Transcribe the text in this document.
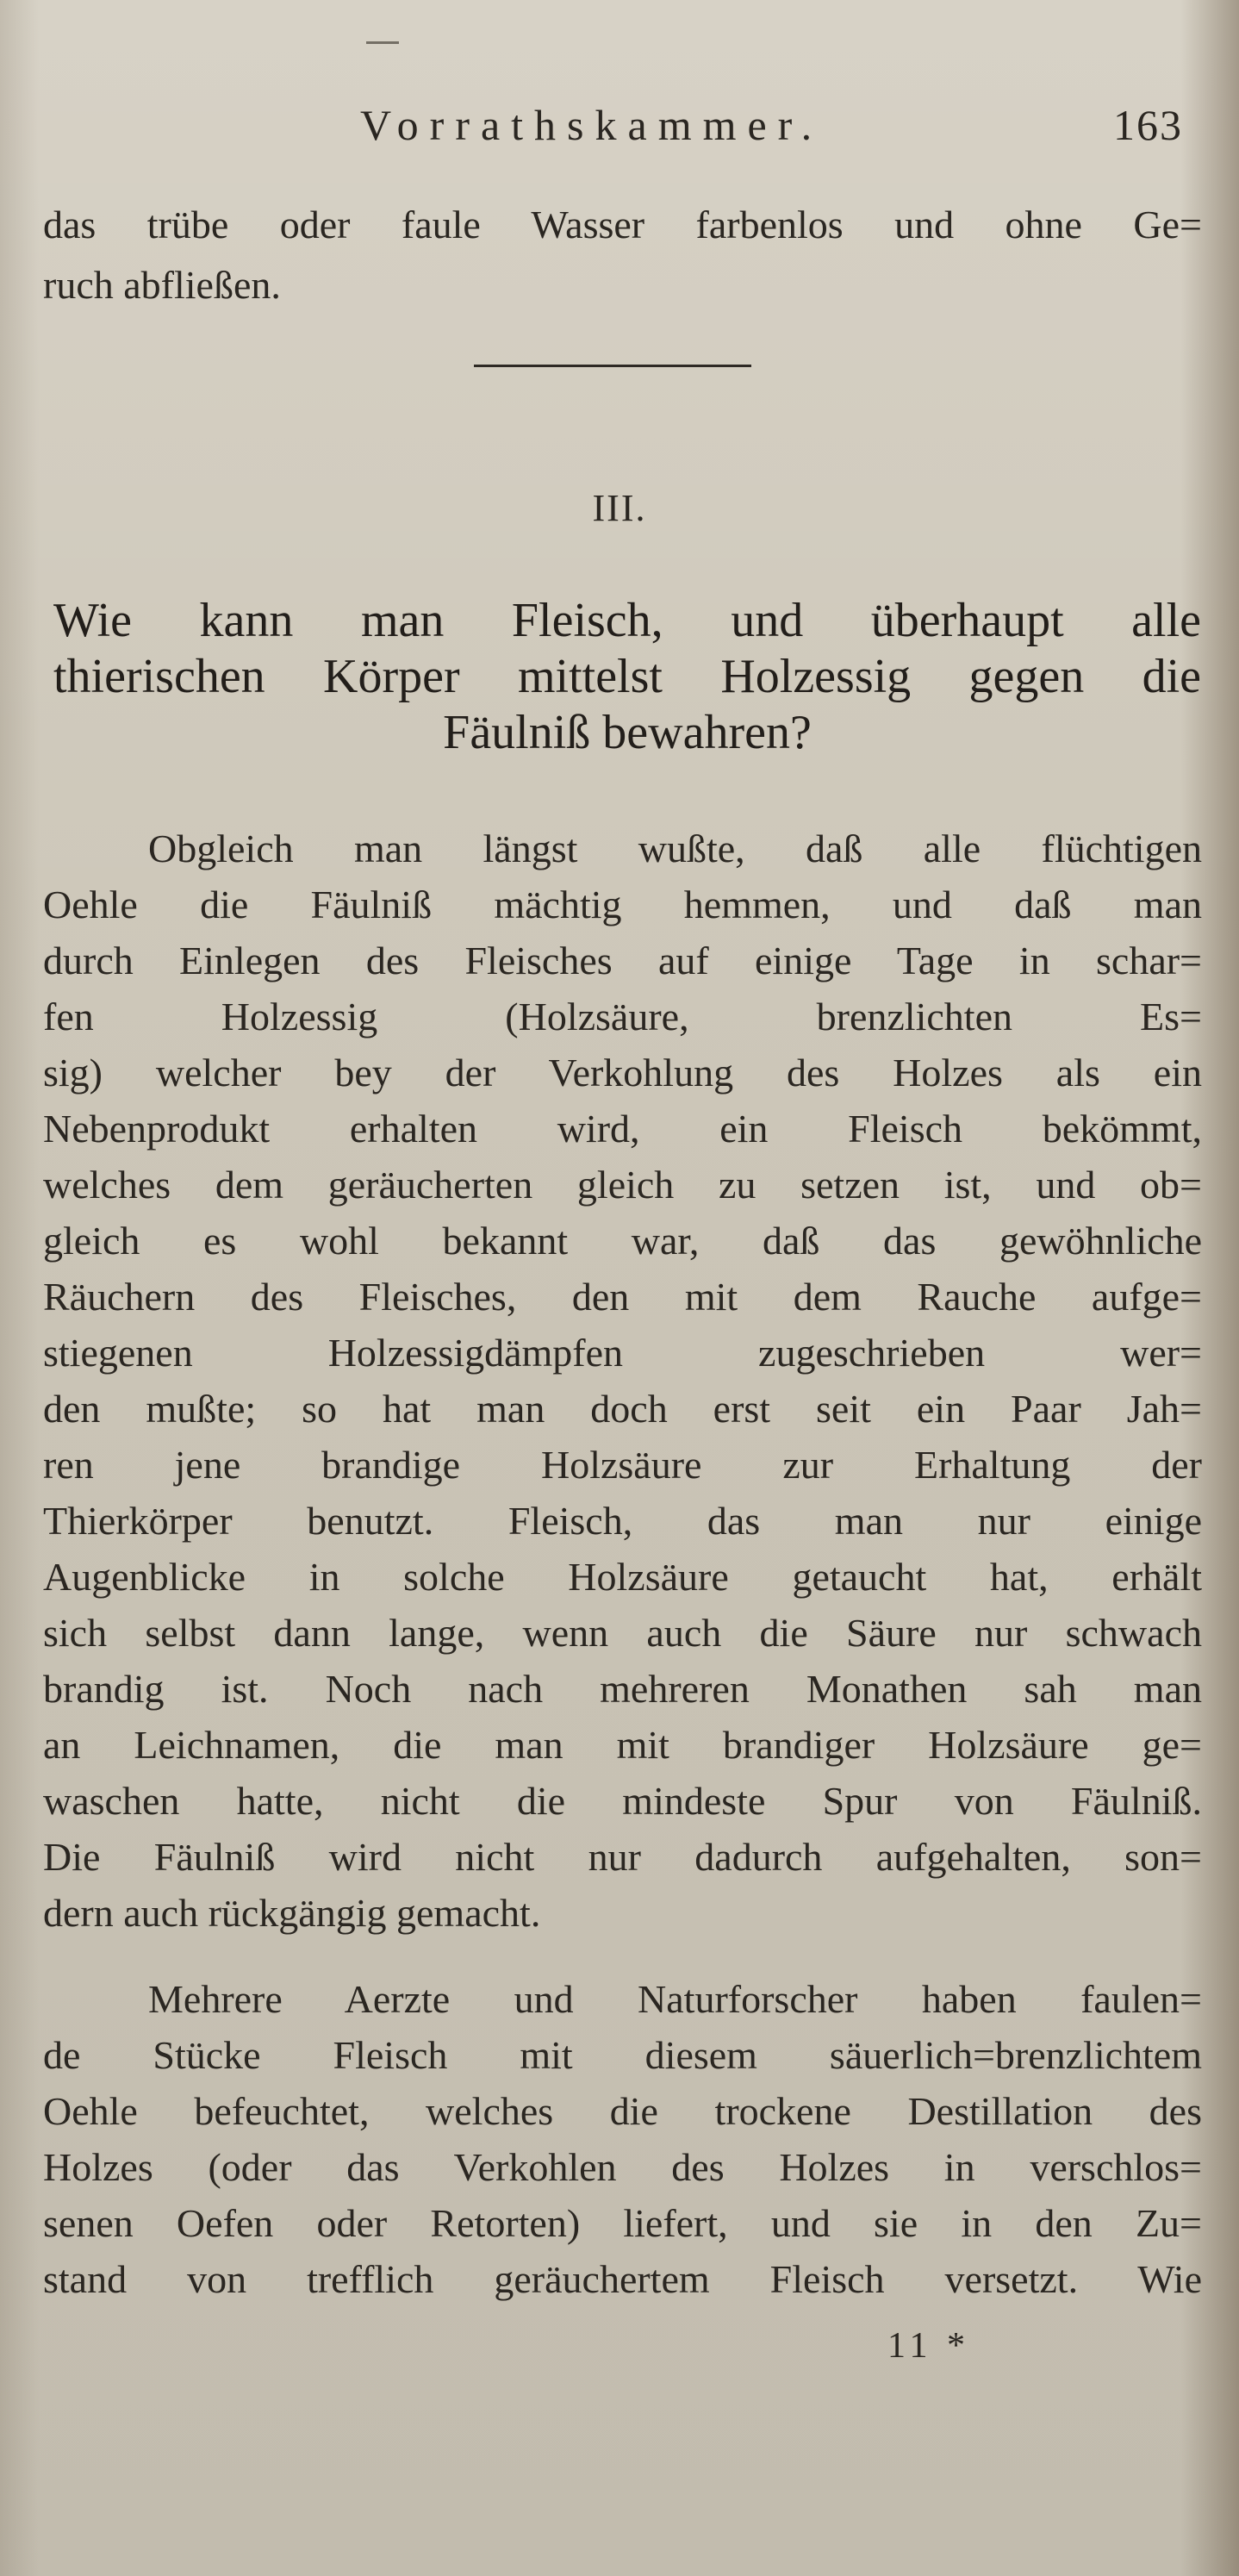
Vorrathskammer.	163
das trübe oder faule Wasser farbenlos und ohne Ge=
ruch abfließen.
III.
Wie kann man Fleisch, und überhaupt alle
thierischen Körper mittelst Holzessig gegen die
Fäulniß bewahren?
Obgleich man längst wußte, daß alle flüchtigen
Oehle die Fäulniß mächtig hemmen, und daß man
durch Einlegen des Fleisches auf einige Tage in schar=
fen Holzessig (Holzsäure, brenzlichten Es=
sig) welcher bey der Verkohlung des Holzes als ein
Nebenprodukt erhalten wird, ein Fleisch bekömmt,
welches dem geräucherten gleich zu setzen ist, und ob=
gleich es wohl bekannt war, daß das gewöhnliche
Räuchern des Fleisches, den mit dem Rauche aufge=
stiegenen Holzessigdämpfen zugeschrieben wer=
den mußte; so hat man doch erst seit ein Paar Jah=
ren jene brandige Holzsäure zur Erhaltung der
Thierkörper benutzt. Fleisch, das man nur einige
Augenblicke in solche Holzsäure getaucht hat, erhält
sich selbst dann lange, wenn auch die Säure nur schwach
brandig ist. Noch nach mehreren Monathen sah man
an Leichnamen, die man mit brandiger Holzsäure ge=
waschen hatte, nicht die mindeste Spur von Fäulniß.
Die Fäulniß wird nicht nur dadurch aufgehalten, son=
dern auch rückgängig gemacht.
Mehrere Aerzte und Naturforscher haben faulen=
de Stücke Fleisch mit diesem säuerlich=brenzlichtem
Oehle befeuchtet, welches die trockene Destillation des
Holzes (oder das Verkohlen des Holzes in verschlos=
senen Oefen oder Retorten) liefert, und sie in den Zu=
stand von trefflich geräuchertem Fleisch versetzt. Wie
11 *
